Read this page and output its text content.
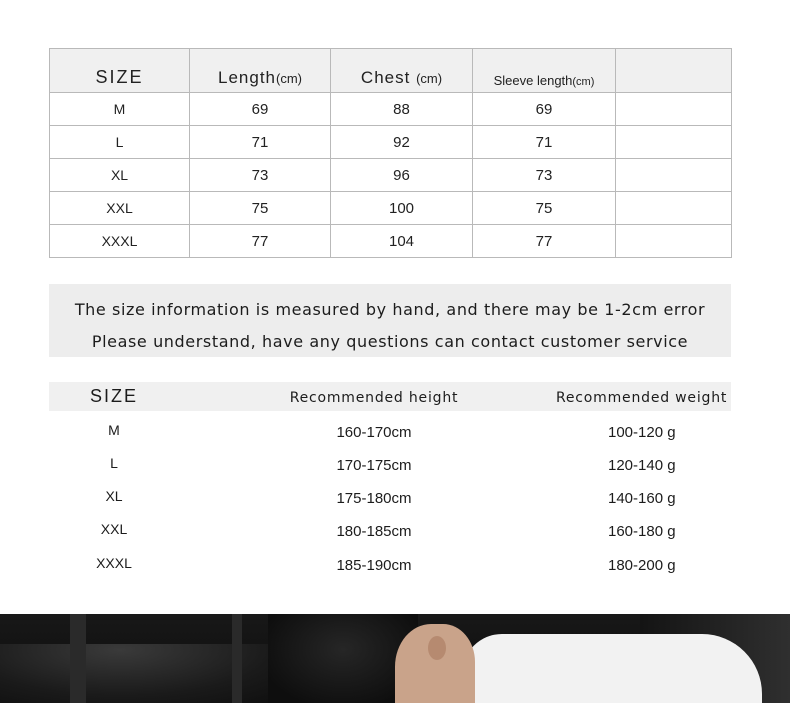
SIZE	Length(cm)	Chest (cm)	Sleeve length(cm)	
M	69	88	69	
L	71	92	71	
XL	73	96	73	
XXL	75	100	75	
XXXL	77	104	77	

The size information is measured by hand, and there may be 1-2cm error

Please understand, have any questions can contact customer service

SIZE	Recommended height	Recommended weight
M	160-170cm	100-120 g
L	170-175cm	120-140 g
XL	175-180cm	140-160 g
XXL	180-185cm	160-180 g
XXXL	185-190cm	180-200 g
